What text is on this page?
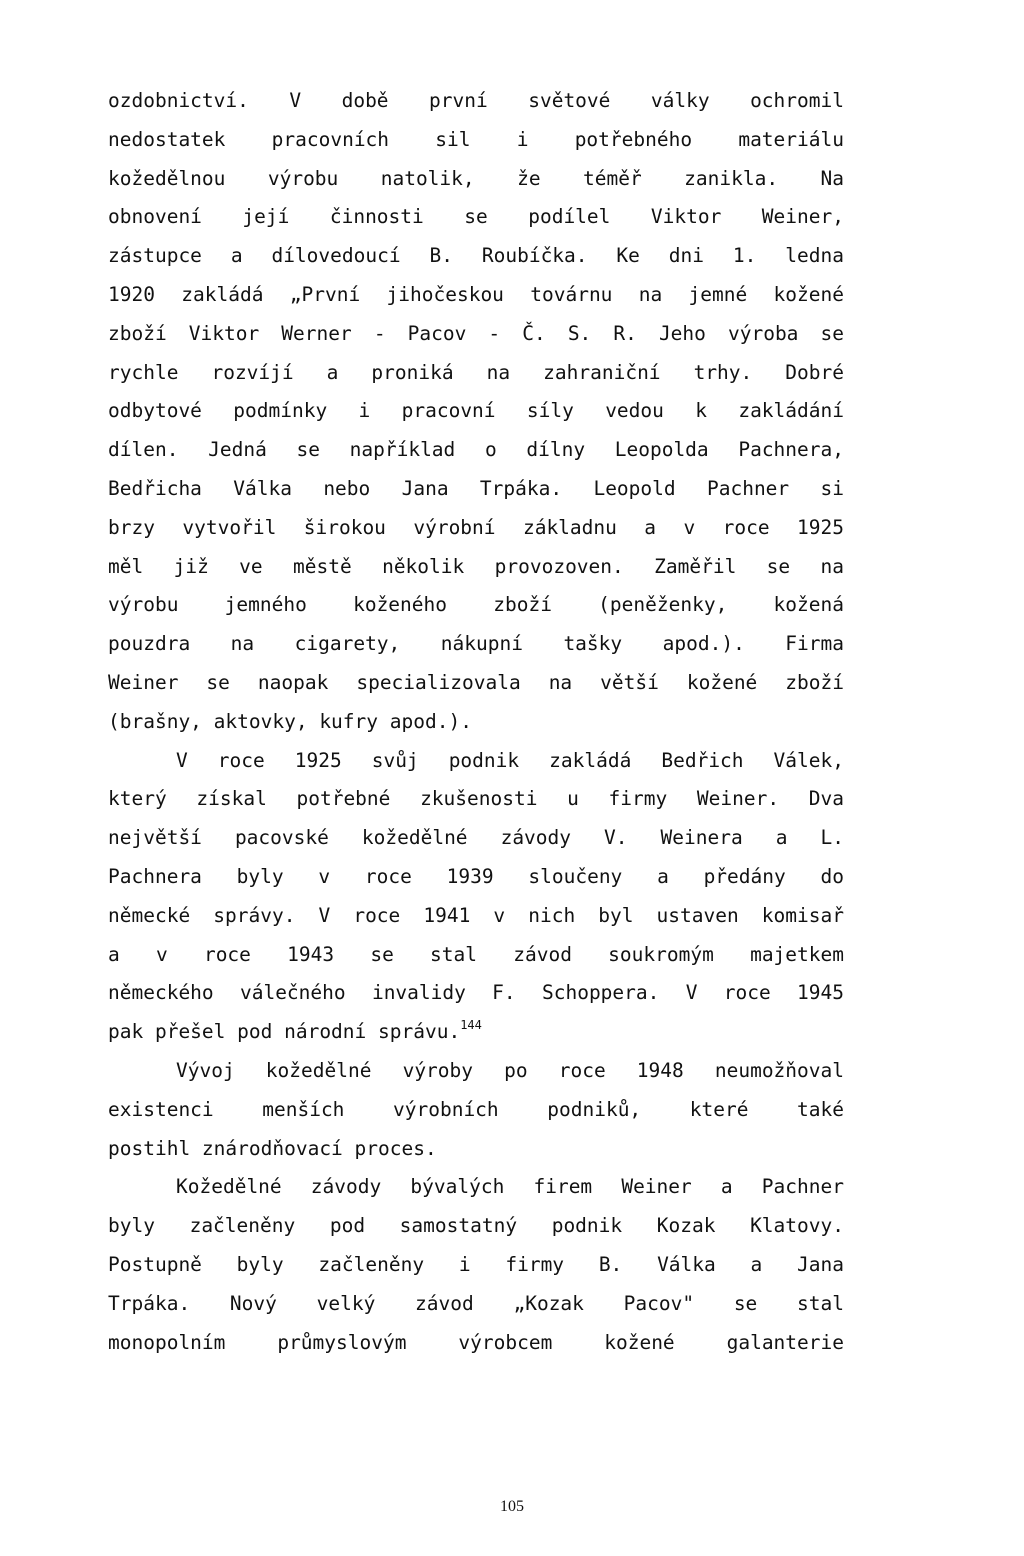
ozdobnictví. V době první světové války ochromil
nedostatek pracovních sil i potřebného materiálu
kožedělnou výrobu natolik, že téměř zanikla. Na
obnovení její činnosti se podílel Viktor Weiner,
zástupce a dílovedoucí B. Roubíčka. Ke dni 1. ledna
1920 zakládá „První jihočeskou továrnu na jemné kožené
zboží Viktor Werner - Pacov - Č. S. R. Jeho výroba se
rychle rozvíjí a proniká na zahraniční trhy. Dobré
odbytové podmínky i pracovní síly vedou k zakládání
dílen. Jedná se například o dílny Leopolda Pachnera,
Bedřicha Válka nebo Jana Trpáka. Leopold Pachner si
brzy vytvořil širokou výrobní základnu a v roce 1925
měl již ve městě několik provozoven. Zaměřil se na
výrobu jemného koženého zboží (peněženky, kožená
pouzdra na cigarety, nákupní tašky apod.). Firma
Weiner se naopak specializovala na větší kožené zboží
(brašny, aktovky, kufry apod.).
V roce 1925 svůj podnik zakládá Bedřich Válek,
který získal potřebné zkušenosti u firmy Weiner. Dva
největší pacovské kožedělné závody V. Weinera a L.
Pachnera byly v roce 1939 sloučeny a předány do
německé správy. V roce 1941 v nich byl ustaven komisař
a v roce 1943 se stal závod soukromým majetkem
německého válečného invalidy F. Schoppera. V roce 1945
pak přešel pod národní správu.$^{144}$
Vývoj kožedělné výroby po roce 1948 neumožňoval
existenci menších výrobních podniků, které také
postihl znárodňovací proces.
Kožedělné závody bývalých firem Weiner a Pachner
byly začleněny pod samostatný podnik Kozak Klatovy.
Postupně byly začleněny i firmy B. Válka a Jana
Trpáka. Nový velký závod „Kozak Pacov" se stal
monopolním průmyslovým výrobcem kožené galanterie
105
